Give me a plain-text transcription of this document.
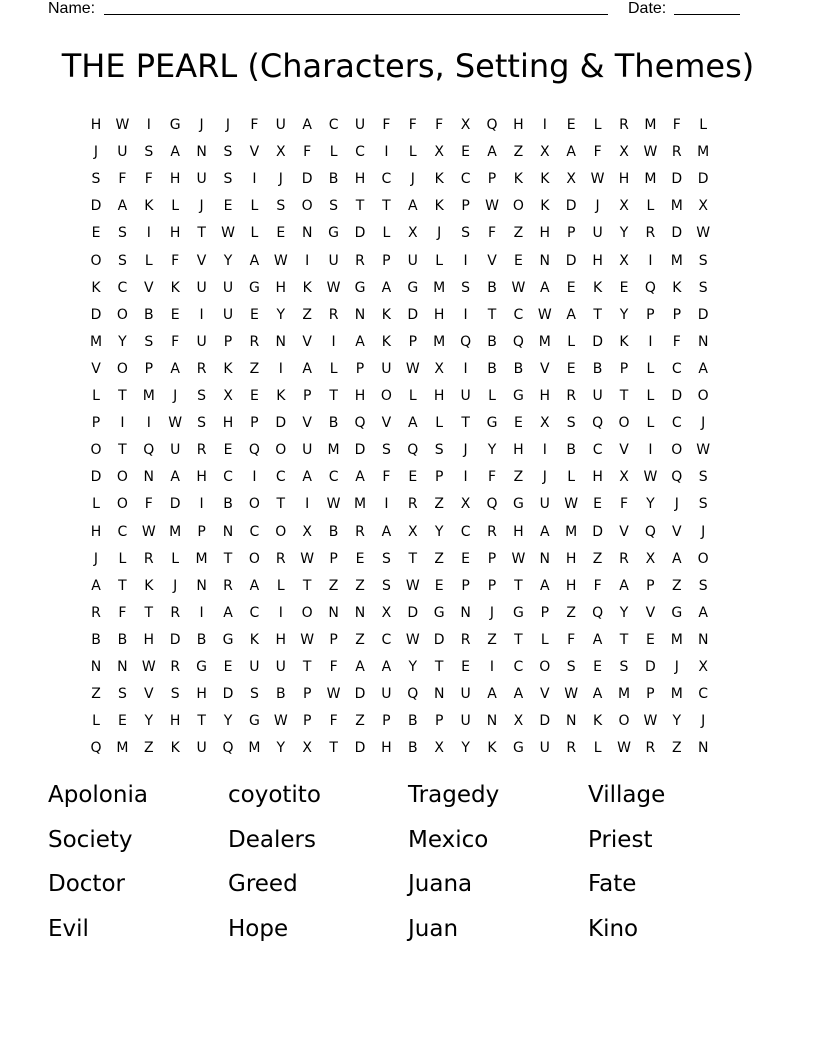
Name:	Date:
THE PEARL (Characters, Setting & Themes)
H	W	I	G	J	J	F	U	A	C	U	F	F	F	X	Q	H	I	E	L	R	M	F	L
J	U	S	A	N	S	V	X	F	L	C	I	L	X	E	A	Z	X	A	F	X	W	R	M
S	F	F	H	U	S	I	J	D	B	H	C	J	K	C	P	K	K	X	W	H	M	D	D
D	A	K	L	J	E	L	S	O	S	T	T	A	K	P	W O	K	D	J	X	L	M	X
E	S	I	H	T	W	L	E	N	G	D	L	X	J	S	F	Z	H	P	U	Y	R	D	W
O	S	L	F	V	Y	A	W	I	U	R	P	U	L	I	V	E	N	D	H	X	I	M	S
K	C	V	K	U	U	G	H	K	W	G	A	G	M	S	B	W	A	E	K	E	Q	K	S
D	O	B	E	I	U	E	Y	Z	R	N	K	D	H	I	T	C	W	A	T	Y	P	P	D
M	Y	S	F	U	P	R	N	V	I	A	K	P	M	Q	B	Q	M	L	D	K	I	F	N
V	O	P	A	R	K	Z	I	A	L	P	U	W	X	I	B	B	V	E	B	P	L	C	A
L	T	M	J	S	X	E	K	P	T	H	O	L	H	U	L	G	H	R	U	T	L	D	O
P	I	I	W	S	H	P	D	V	B	Q	V	A	L	T	G	E	X	S	Q	O	L	C	J
O	T	Q	U	R	E	Q	O	U	M	D	S	Q	S	J	Y	H	I	B	C	V	I	O W
D	O	N	A	H	C	I	C	A	C	A	F	E	P	I	F	Z	J	L	H	X	W Q	S
L	O	F	D	I	B	O	T	I	W M	I	R	Z	X	Q	G	U	W	E	F	Y	J	S
H	C	W M	P	N	C	O	X	B	R	A	X	Y	C	R	H	A	M	D	V	Q	V	J
J	L	R	L	M	T	O	R	W	P	E	S	T	Z	E	P	W	N	H	Z	R	X	A	O
A	T	K	J	N	R	A	L	T	Z	Z	S	W	E	P	P	T	A	H	F	A	P	Z	S
R	F	T	R	I	A	C	I	O	N	N	X	D	G	N	J	G	P	Z	Q	Y	V	G	A
B	B	H	D	B	G	K	H	W	P	Z	C	W	D	R	Z	T	L	F	A	T	E	M	N
N	N	W	R	G	E	U	U	T	F	A	A	Y	T	E	I	C	O	S	E	S	D	J	X
Z	S	V	S	H	D	S	B	P	W	D	U	Q	N	U	A	A	V	W	A	M	P	M	C
L	E	Y	H	T	Y	G	W	P	F	Z	P	B	P	U	N	X	D	N	K	O W	Y	J
Q	M	Z	K	U	Q	M	Y	X	T	D	H	B	X	Y	K	G	U	R	L	W	R	Z	N
Apolonia	coyotito	Tragedy	Village
Society	Dealers	Mexico	Priest
Doctor	Greed	Juana	Fate
Evil	Hope	Juan	Kino
